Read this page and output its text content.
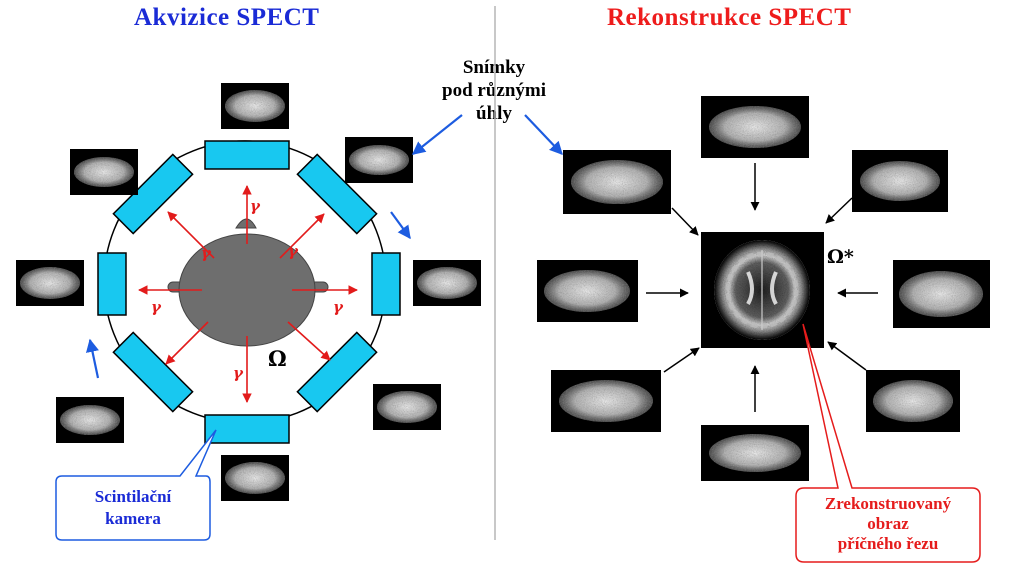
Akvizice SPECT	Rekonstrukce SPECT
Snímky
pod různými
úhly
γ
γ
γ	γ
γ	γ
Ω
Ω*
Scintilační
kamera
Zrekonstruovaný
obraz
příčného řezu
